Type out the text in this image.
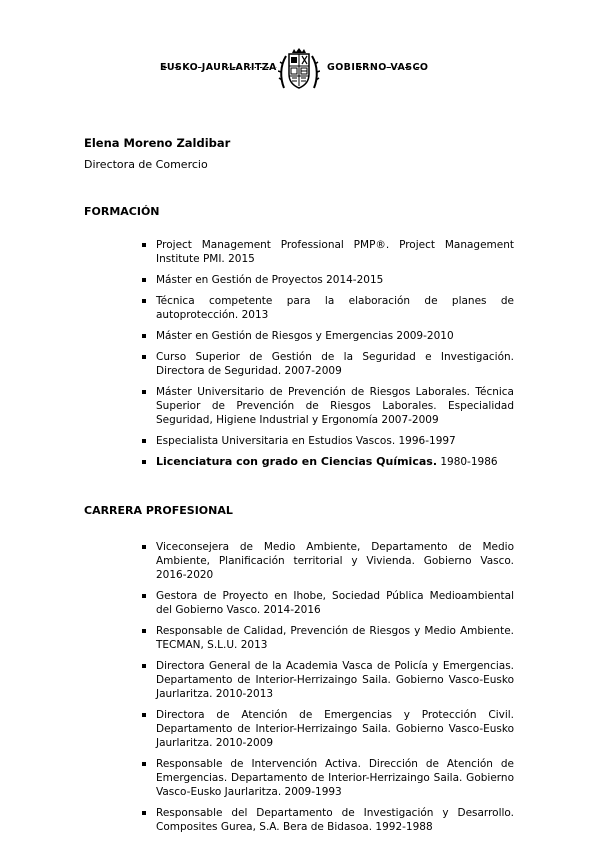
EUSKO JAURLARITZA	GOBIERNO VASCO
Elena Moreno Zaldibar
Directora de Comercio
FORMACIÓN
Project Management Professional PMP®. Project Management Institute PMI. 2015
Máster en Gestión de Proyectos 2014-2015
Técnica competente para la elaboración de planes de autoprotección. 2013
Máster en Gestión de Riesgos y Emergencias 2009-2010
Curso Superior de Gestión de la Seguridad e Investigación. Directora de Seguridad. 2007-2009
Máster Universitario de Prevención de Riesgos Laborales. Técnica Superior de Prevención de Riesgos Laborales. Especialidad Seguridad, Higiene Industrial y Ergonomía 2007-2009
Especialista Universitaria en Estudios Vascos. 1996-1997
Licenciatura con grado en Ciencias Químicas. 1980-1986
CARRERA PROFESIONAL
Viceconsejera de Medio Ambiente, Departamento de Medio Ambiente, Planificación territorial y Vivienda. Gobierno Vasco. 2016-2020
Gestora de Proyecto en Ihobe, Sociedad Pública Medioambiental del Gobierno Vasco. 2014-2016
Responsable de Calidad, Prevención de Riesgos y Medio Ambiente. TECMAN, S.L.U. 2013
Directora General de la Academia Vasca de Policía y Emergencias. Departamento de Interior-Herrizaingo Saila. Gobierno Vasco-Eusko Jaurlaritza. 2010-2013
Directora de Atención de Emergencias y Protección Civil. Departamento de Interior-Herrizaingo Saila. Gobierno Vasco-Eusko Jaurlaritza. 2010-2009
Responsable de Intervención Activa. Dirección de Atención de Emergencias. Departamento de Interior-Herrizaingo Saila. Gobierno Vasco-Eusko Jaurlaritza. 2009-1993
Responsable del Departamento de Investigación y Desarrollo. Composites Gurea, S.A. Bera de Bidasoa. 1992-1988
